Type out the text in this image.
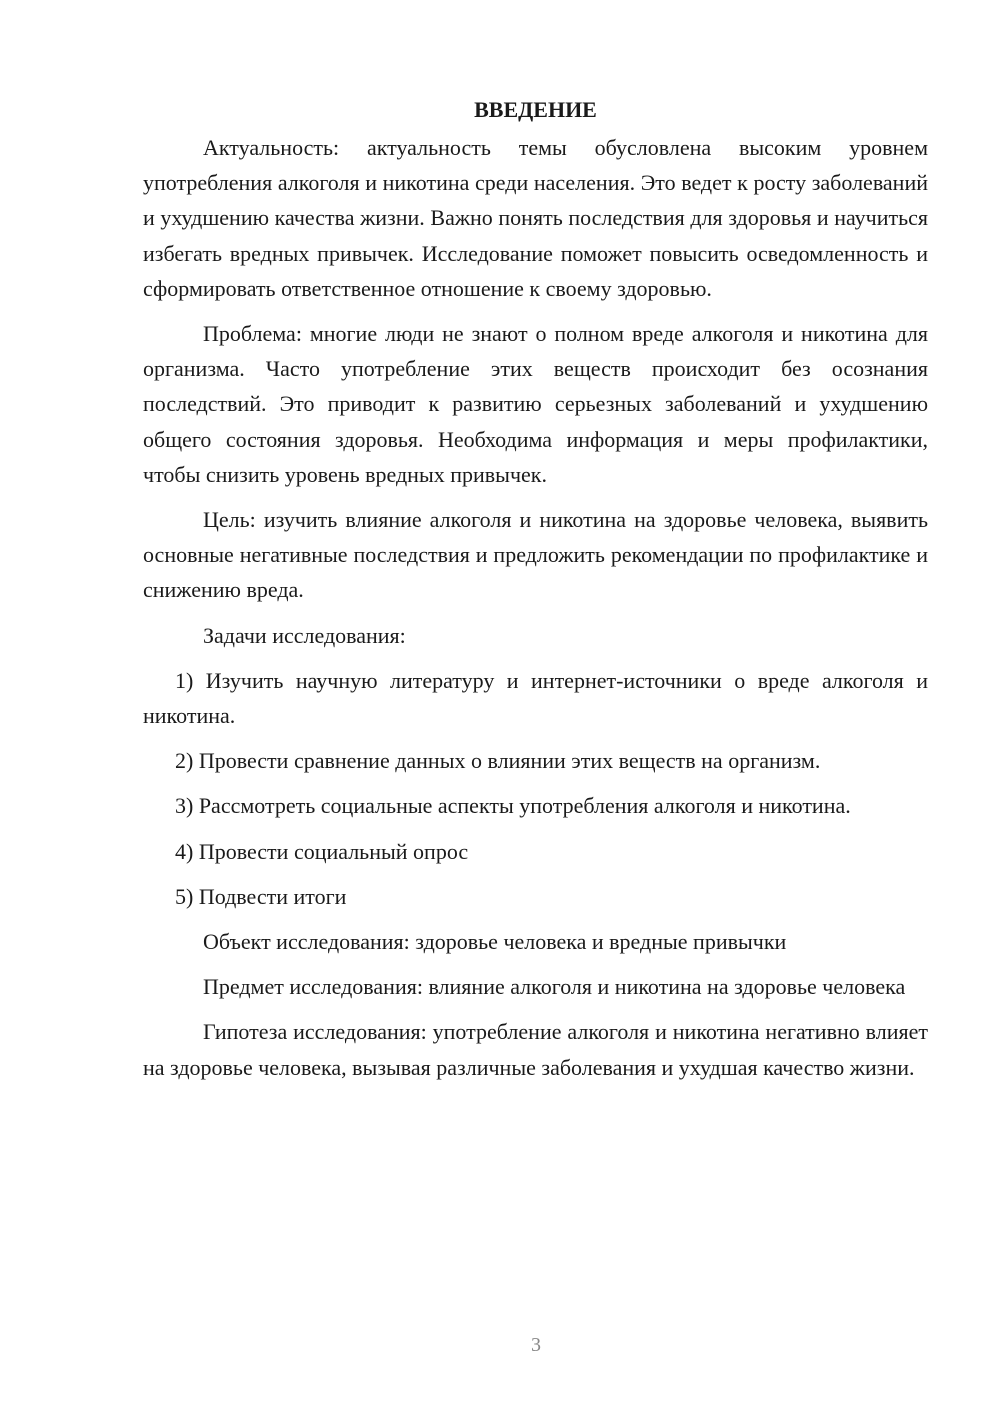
ВВЕДЕНИЕ

Актуальность: актуальность темы обусловлена высоким уровнем употребления алкоголя и никотина среди населения. Это ведет к росту заболеваний и ухудшению качества жизни. Важно понять последствия для здоровья и научиться избегать вредных привычек. Исследование поможет повысить осведомленность и сформировать ответственное отношение к своему здоровью.

Проблема: многие люди не знают о полном вреде алкоголя и никотина для организма. Часто употребление этих веществ происходит без осознания последствий. Это приводит к развитию серьезных заболеваний и ухудшению общего состояния здоровья. Необходима информация и меры профилактики, чтобы снизить уровень вредных привычек.

Цель: изучить влияние алкоголя и никотина на здоровье человека, выявить основные негативные последствия и предложить рекомендации по профилактике и снижению вреда.

Задачи исследования:

1) Изучить научную литературу и интернет-источники о вреде алкоголя и никотина.

2) Провести сравнение данных о влиянии этих веществ на организм.

3) Рассмотреть социальные аспекты употребления алкоголя и никотина.

4) Провести социальный опрос

5) Подвести итоги

Объект исследования: здоровье человека и вредные привычки

Предмет исследования: влияние алкоголя и никотина на здоровье человека

Гипотеза исследования: употребление алкоголя и никотина негативно влияет на здоровье человека, вызывая различные заболевания и ухудшая качество жизни.

3
